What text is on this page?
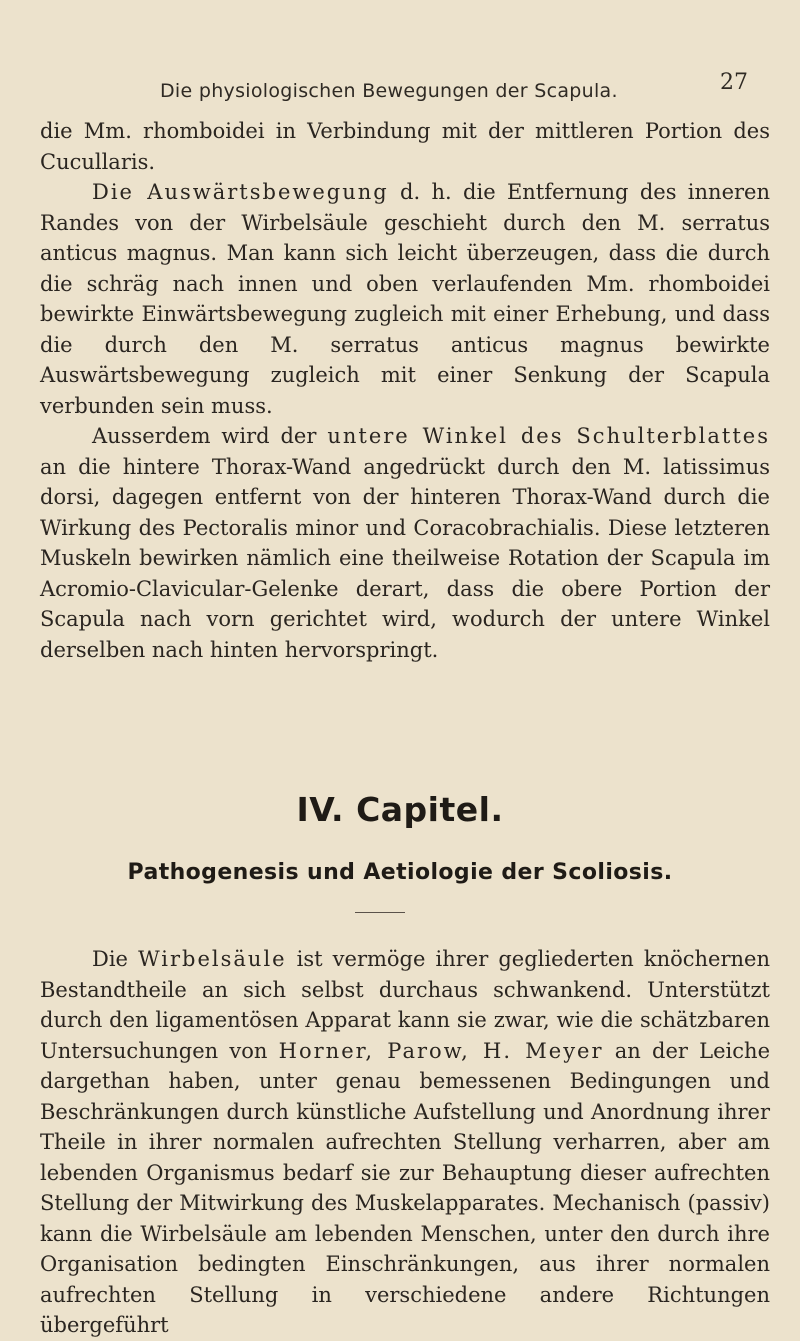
Die physiologischen Bewegungen der Scapula.	27

die Mm. rhomboidei in Verbindung mit der mittleren Portion des Cucullaris.

Die Auswärtsbewegung d. h. die Entfernung des inneren Randes von der Wirbelsäule geschieht durch den M. serratus anticus magnus. Man kann sich leicht überzeugen, dass die durch die schräg nach innen und oben verlaufenden Mm. rhomboidei bewirkte Einwärtsbewegung zugleich mit einer Erhebung, und dass die durch den M. serratus anticus magnus bewirkte Auswärtsbewegung zugleich mit einer Senkung der Scapula verbunden sein muss.

Ausserdem wird der untere Winkel des Schulterblattes an die hintere Thorax-Wand angedrückt durch den M. latissimus dorsi, dagegen entfernt von der hinteren Thorax-Wand durch die Wirkung des Pectoralis minor und Coracobrachialis. Diese letzteren Muskeln bewirken nämlich eine theilweise Rotation der Scapula im Acromio-Clavicular-Gelenke derart, dass die obere Portion der Scapula nach vorn gerichtet wird, wodurch der untere Winkel derselben nach hinten hervorspringt.

IV. Capitel.
Pathogenesis und Aetiologie der Scoliosis.

Die Wirbelsäule ist vermöge ihrer gegliederten knöchernen Bestandtheile an sich selbst durchaus schwankend. Unterstützt durch den ligamentösen Apparat kann sie zwar, wie die schätzbaren Untersuchungen von Horner, Parow, H. Meyer an der Leiche dargethan haben, unter genau bemessenen Bedingungen und Beschränkungen durch künstliche Aufstellung und Anordnung ihrer Theile in ihrer normalen aufrechten Stellung verharren, aber am lebenden Organismus bedarf sie zur Behauptung dieser aufrechten Stellung der Mitwirkung des Muskelapparates. Mechanisch (passiv) kann die Wirbelsäule am lebenden Menschen, unter den durch ihre Organisation bedingten Einschränkungen, aus ihrer normalen aufrechten Stellung in verschiedene andere Richtungen übergeführt
